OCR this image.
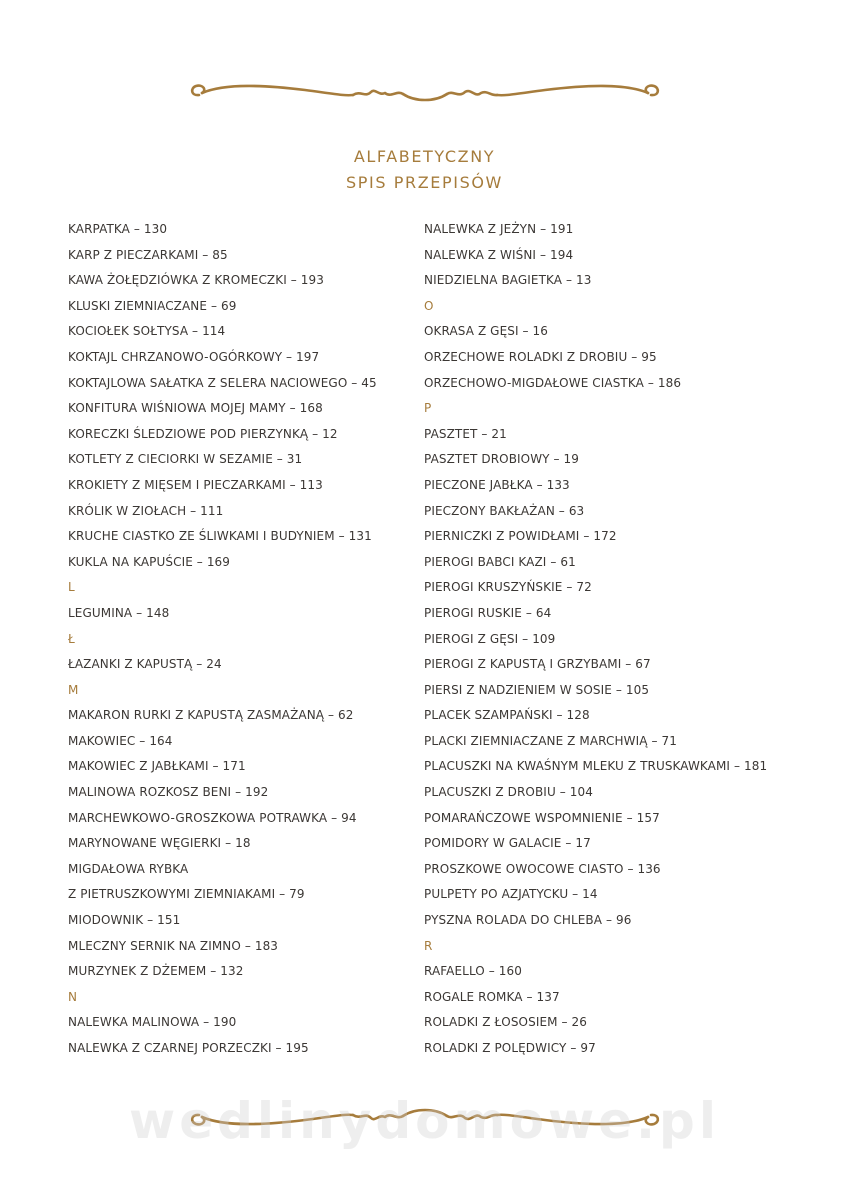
ALFABETYCZNY
SPIS PRZEPISÓW
KARPATKA – 130
KARP Z PIECZARKAMI – 85
KAWA ŻOŁĘDZIÓWKA Z KROMECZKI – 193
KLUSKI ZIEMNIACZANE – 69
KOCIOŁEK SOŁTYSA – 114
KOKTAJL CHRZANOWO-OGÓRKOWY – 197
KOKTAJLOWA SAŁATKA Z SELERA NACIOWEGO – 45
KONFITURA WIŚNIOWA MOJEJ MAMY – 168
KORECZKI ŚLEDZIOWE POD PIERZYNKĄ – 12
KOTLETY Z CIECIORKI W SEZAMIE – 31
KROKIETY Z MIĘSEM I PIECZARKAMI – 113
KRÓLIK W ZIOŁACH – 111
KRUCHE CIASTKO ZE ŚLIWKAMI I BUDYNIEM – 131
KUKLA NA KAPUŚCIE – 169
L
LEGUMINA – 148
Ł
ŁAZANKI Z KAPUSTĄ – 24
M
MAKARON RURKI Z KAPUSTĄ ZASMAŻANĄ – 62
MAKOWIEC – 164
MAKOWIEC Z JABŁKAMI – 171
MALINOWA ROZKOSZ BENI – 192
MARCHEWKOWO-GROSZKOWA POTRAWKA – 94
MARYNOWANE WĘGIERKI – 18
MIGDAŁOWA RYBKA
Z PIETRUSZKOWYMI ZIEMNIAKAMI – 79
MIODOWNIK – 151
MLECZNY SERNIK NA ZIMNO – 183
MURZYNEK Z DŻEMEM – 132
N
NALEWKA MALINOWA – 190
NALEWKA Z CZARNEJ PORZECZKI – 195
NALEWKA Z JEŻYN – 191
NALEWKA Z WIŚNI – 194
NIEDZIELNA BAGIETKA – 13
O
OKRASA Z GĘSI – 16
ORZECHOWE ROLADKI Z DROBIU – 95
ORZECHOWO-MIGDAŁOWE CIASTKA – 186
P
PASZTET – 21
PASZTET DROBIOWY – 19
PIECZONE JABŁKA – 133
PIECZONY BAKŁAŻAN – 63
PIERNICZKI Z POWIDŁAMI – 172
PIEROGI BABCI KAZI – 61
PIEROGI KRUSZYŃSKIE – 72
PIEROGI RUSKIE – 64
PIEROGI Z GĘSI – 109
PIEROGI Z KAPUSTĄ I GRZYBAMI – 67
PIERSI Z NADZIENIEM W SOSIE – 105
PLACEK SZAMPAŃSKI – 128
PLACKI ZIEMNIACZANE Z MARCHWIĄ – 71
PLACUSZKI NA KWAŚNYM MLEKU Z TRUSKAWKAMI – 181
PLACUSZKI Z DROBIU – 104
POMARAŃCZOWE WSPOMNIENIE – 157
POMIDORY W GALACIE – 17
PROSZKOWE OWOCOWE CIASTO – 136
PULPETY PO AZJATYCKU – 14
PYSZNA ROLADA DO CHLEBA – 96
R
RAFAELLO – 160
ROGALE ROMKA – 137
ROLADKI Z ŁOSOSIEM – 26
ROLADKI Z POLĘDWICY – 97
wedlinydomowe.pl
